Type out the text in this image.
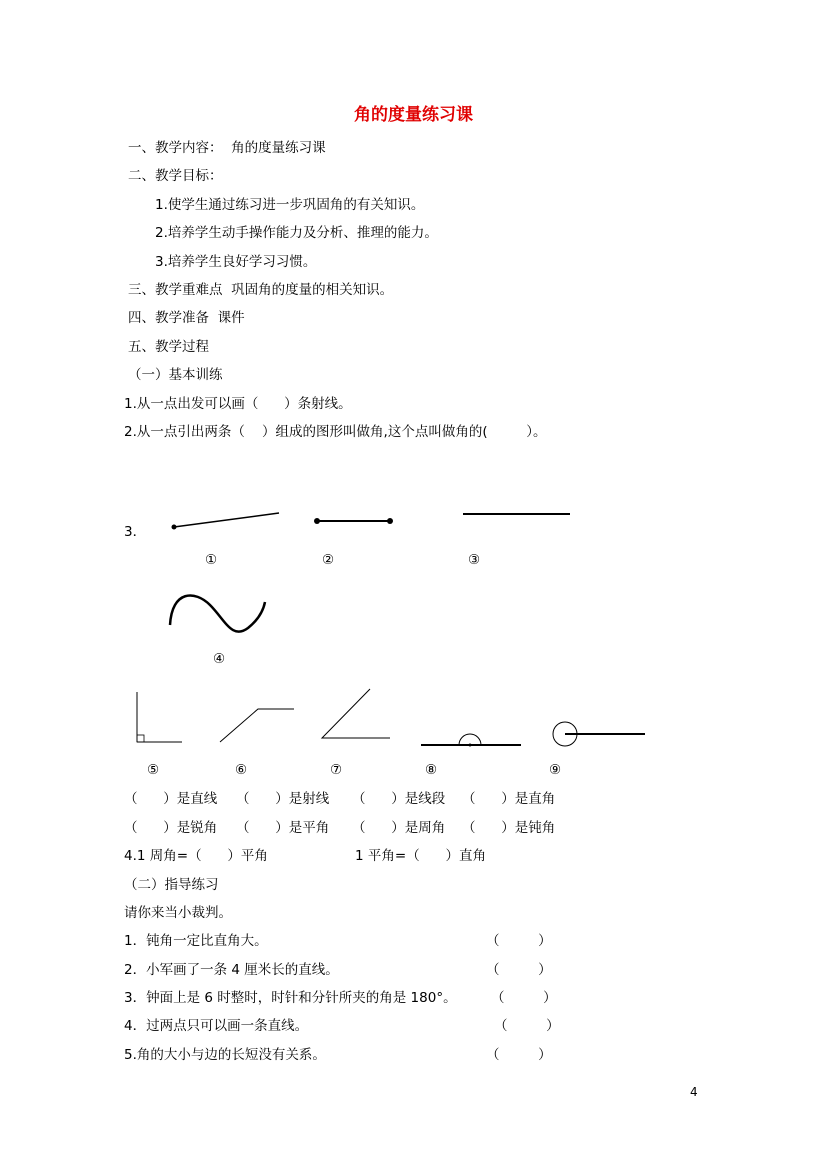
角的度量练习课
一、教学内容：  角的度量练习课
二、教学目标：
1.使学生通过练习进一步巩固角的有关知识。
2.培养学生动手操作能力及分析、推理的能力。
3.培养学生良好学习习惯。
三、教学重难点  巩固角的度量的相关知识。
四、教学准备  课件
五、教学过程
（一）基本训练
1.从一点出发可以画（      ）条射线。
2.从一点引出两条（    ）组成的图形叫做角,这个点叫做角的(         ）。
3．
①	②	③
④
⑤	⑥	⑦	⑧	⑨
（      ）是直线 （      ）是射线 （      ）是线段 （      ）是直角
（      ）是锐角 （      ）是平角 （      ）是周角 （      ）是钝角
4.1 周角=（      ）平角	1 平角=（      ）直角
（二）指导练习
请你来当小裁判。
1．钝角一定比直角大。	（         ）
2．小军画了一条 4 厘米长的直线。	（         ）
3．钟面上是 6 时整时，时针和分针所夹的角是 180°。	（         ）
4．过两点只可以画一条直线。	（         ）
5.角的大小与边的长短没有关系。	（         ）
4
